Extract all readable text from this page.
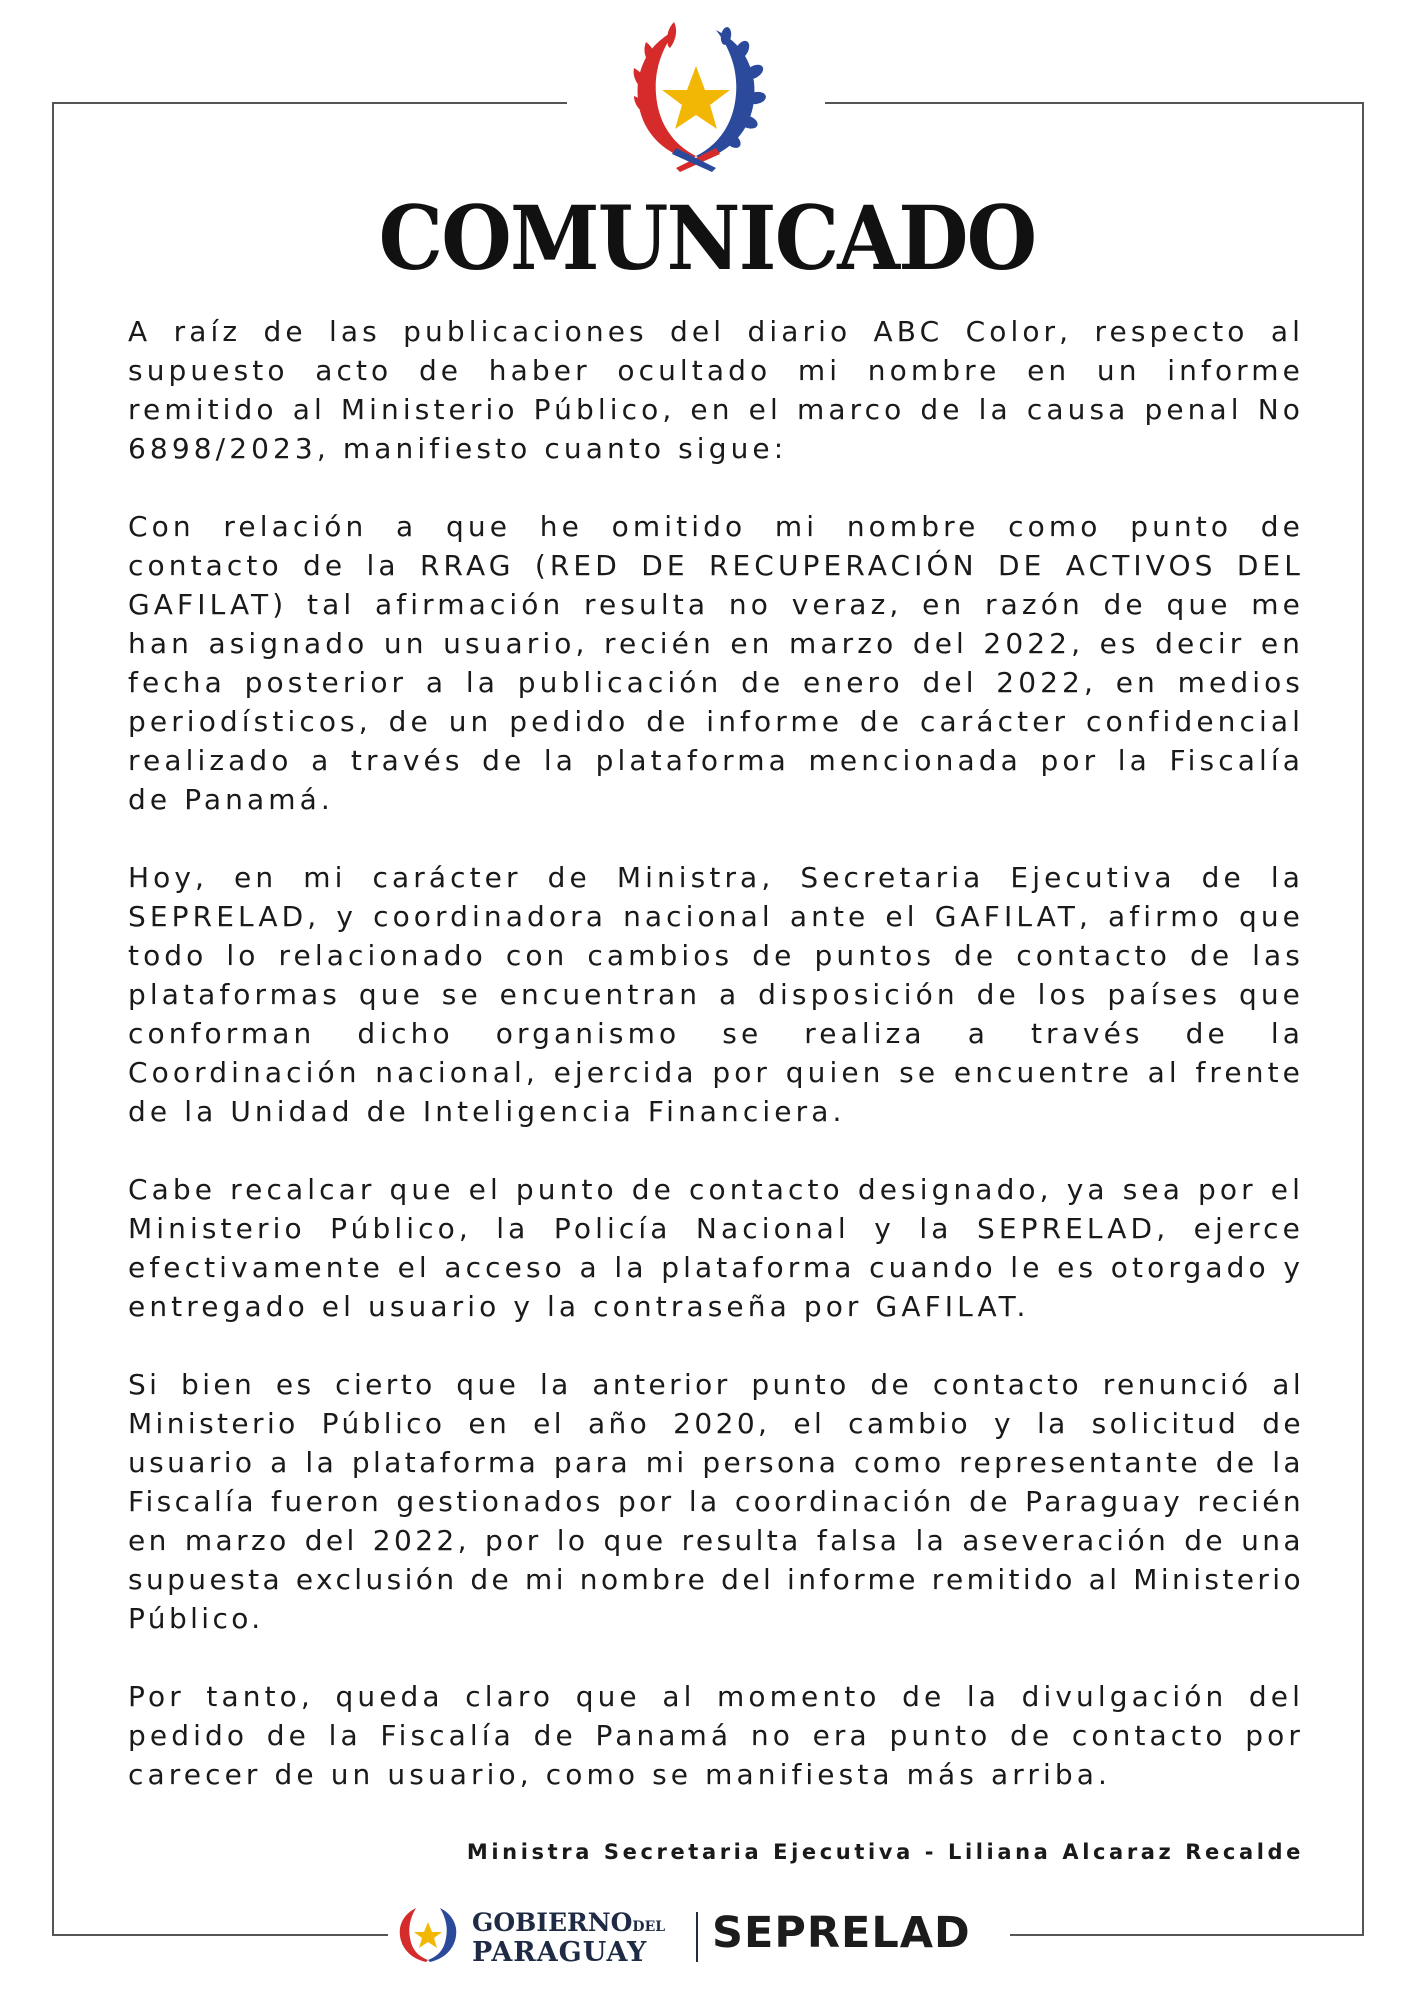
COMUNICADO

A raíz de las publicaciones del diario ABC Color, respecto al supuesto acto de haber ocultado mi nombre en un informe remitido al Ministerio Público, en el marco de la causa penal No 6898/2023, manifiesto cuanto sigue:

Con relación a que he omitido mi nombre como punto de contacto de la RRAG (RED DE RECUPERACIÓN DE ACTIVOS DEL GAFILAT) tal afirmación resulta no veraz, en razón de que me han asignado un usuario, recién en marzo del 2022, es decir en fecha posterior a la publicación de enero del 2022, en medios periodísticos, de un pedido de informe de carácter confidencial realizado a través de la plataforma mencionada por la Fiscalía de Panamá.

Hoy, en mi carácter de Ministra, Secretaria Ejecutiva de la SEPRELAD, y coordinadora nacional ante el GAFILAT, afirmo que todo lo relacionado con cambios de puntos de contacto de las plataformas que se encuentran a disposición de los países que conforman dicho organismo se realiza a través de la Coordinación nacional, ejercida por quien se encuentre al frente de la Unidad de Inteligencia Financiera.

Cabe recalcar que el punto de contacto designado, ya sea por el Ministerio Público, la Policía Nacional y la SEPRELAD, ejerce efectivamente el acceso a la plataforma cuando le es otorgado y entregado el usuario y la contraseña por GAFILAT.

Si bien es cierto que la anterior punto de contacto renunció al Ministerio Público en el año 2020, el cambio y la solicitud de usuario a la plataforma para mi persona como representante de la Fiscalía fueron gestionados por la coordinación de Paraguay recién en marzo del 2022, por lo que resulta falsa la aseveración de una supuesta exclusión de mi nombre del informe remitido al Ministerio Público.

Por tanto, queda claro que al momento de la divulgación del pedido de la Fiscalía de Panamá no era punto de contacto por carecer de un usuario, como se manifiesta más arriba.

Ministra Secretaria Ejecutiva - Liliana Alcaraz Recalde
GOBIERNODEL
PARAGUAY	SEPRELAD
